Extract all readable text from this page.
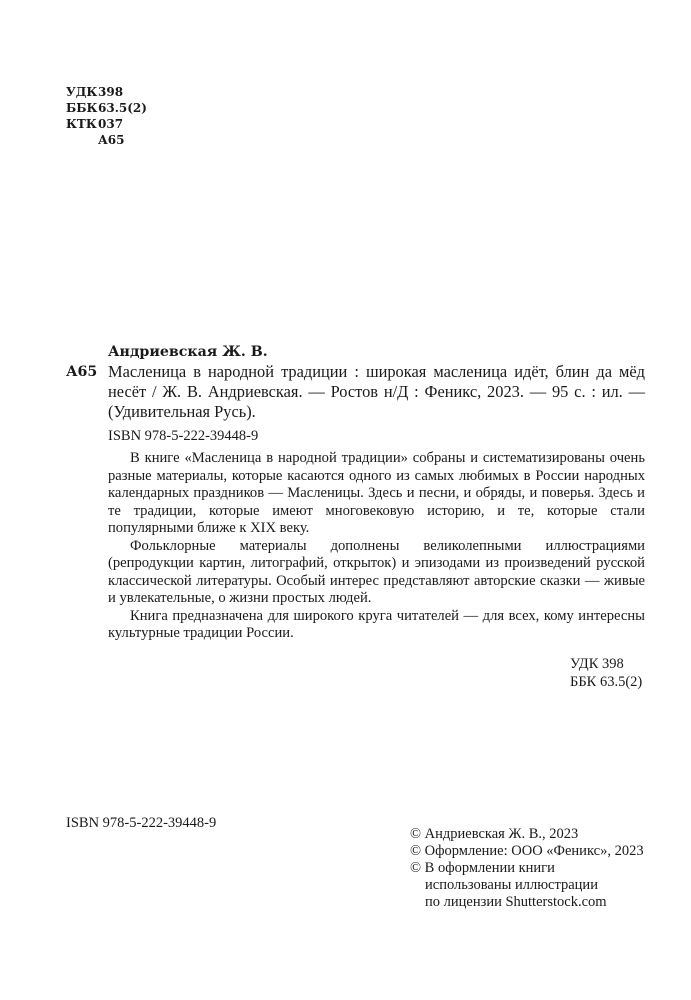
УДК 398
ББК 63.5(2)
КТК 037
А65
Андриевская Ж. В.
А65 Масленица в народной традиции : широкая масленица идёт, блин да мёд несёт / Ж. В. Андриевская. — Ростов н/Д : Феникс, 2023. — 95 с. : ил. — (Удивительная Русь).
ISBN 978-5-222-39448-9

В книге «Масленица в народной традиции» собраны и систематизированы очень разные материалы, которые касаются одного из самых любимых в России народных календарных праздников — Масленицы. Здесь и песни, и обряды, и поверья. Здесь и те традиции, которые имеют многовековую историю, и те, которые стали популярными ближе к XIX веку.

Фольклорные материалы дополнены великолепными иллюстрациями (репродукции картин, литографий, открыток) и эпизодами из произведений русской классической литературы. Особый интерес представляют авторские сказки — живые и увлекательные, о жизни простых людей.

Книга предназначена для широкого круга читателей — для всех, кому интересны культурные традиции России.

УДК 398
ББК 63.5(2)
ISBN 978-5-222-39448-9
© Андриевская Ж. В., 2023
© Оформление: ООО «Феникс», 2023
© В оформлении книги
использованы иллюстрации
по лицензии Shutterstock.com
